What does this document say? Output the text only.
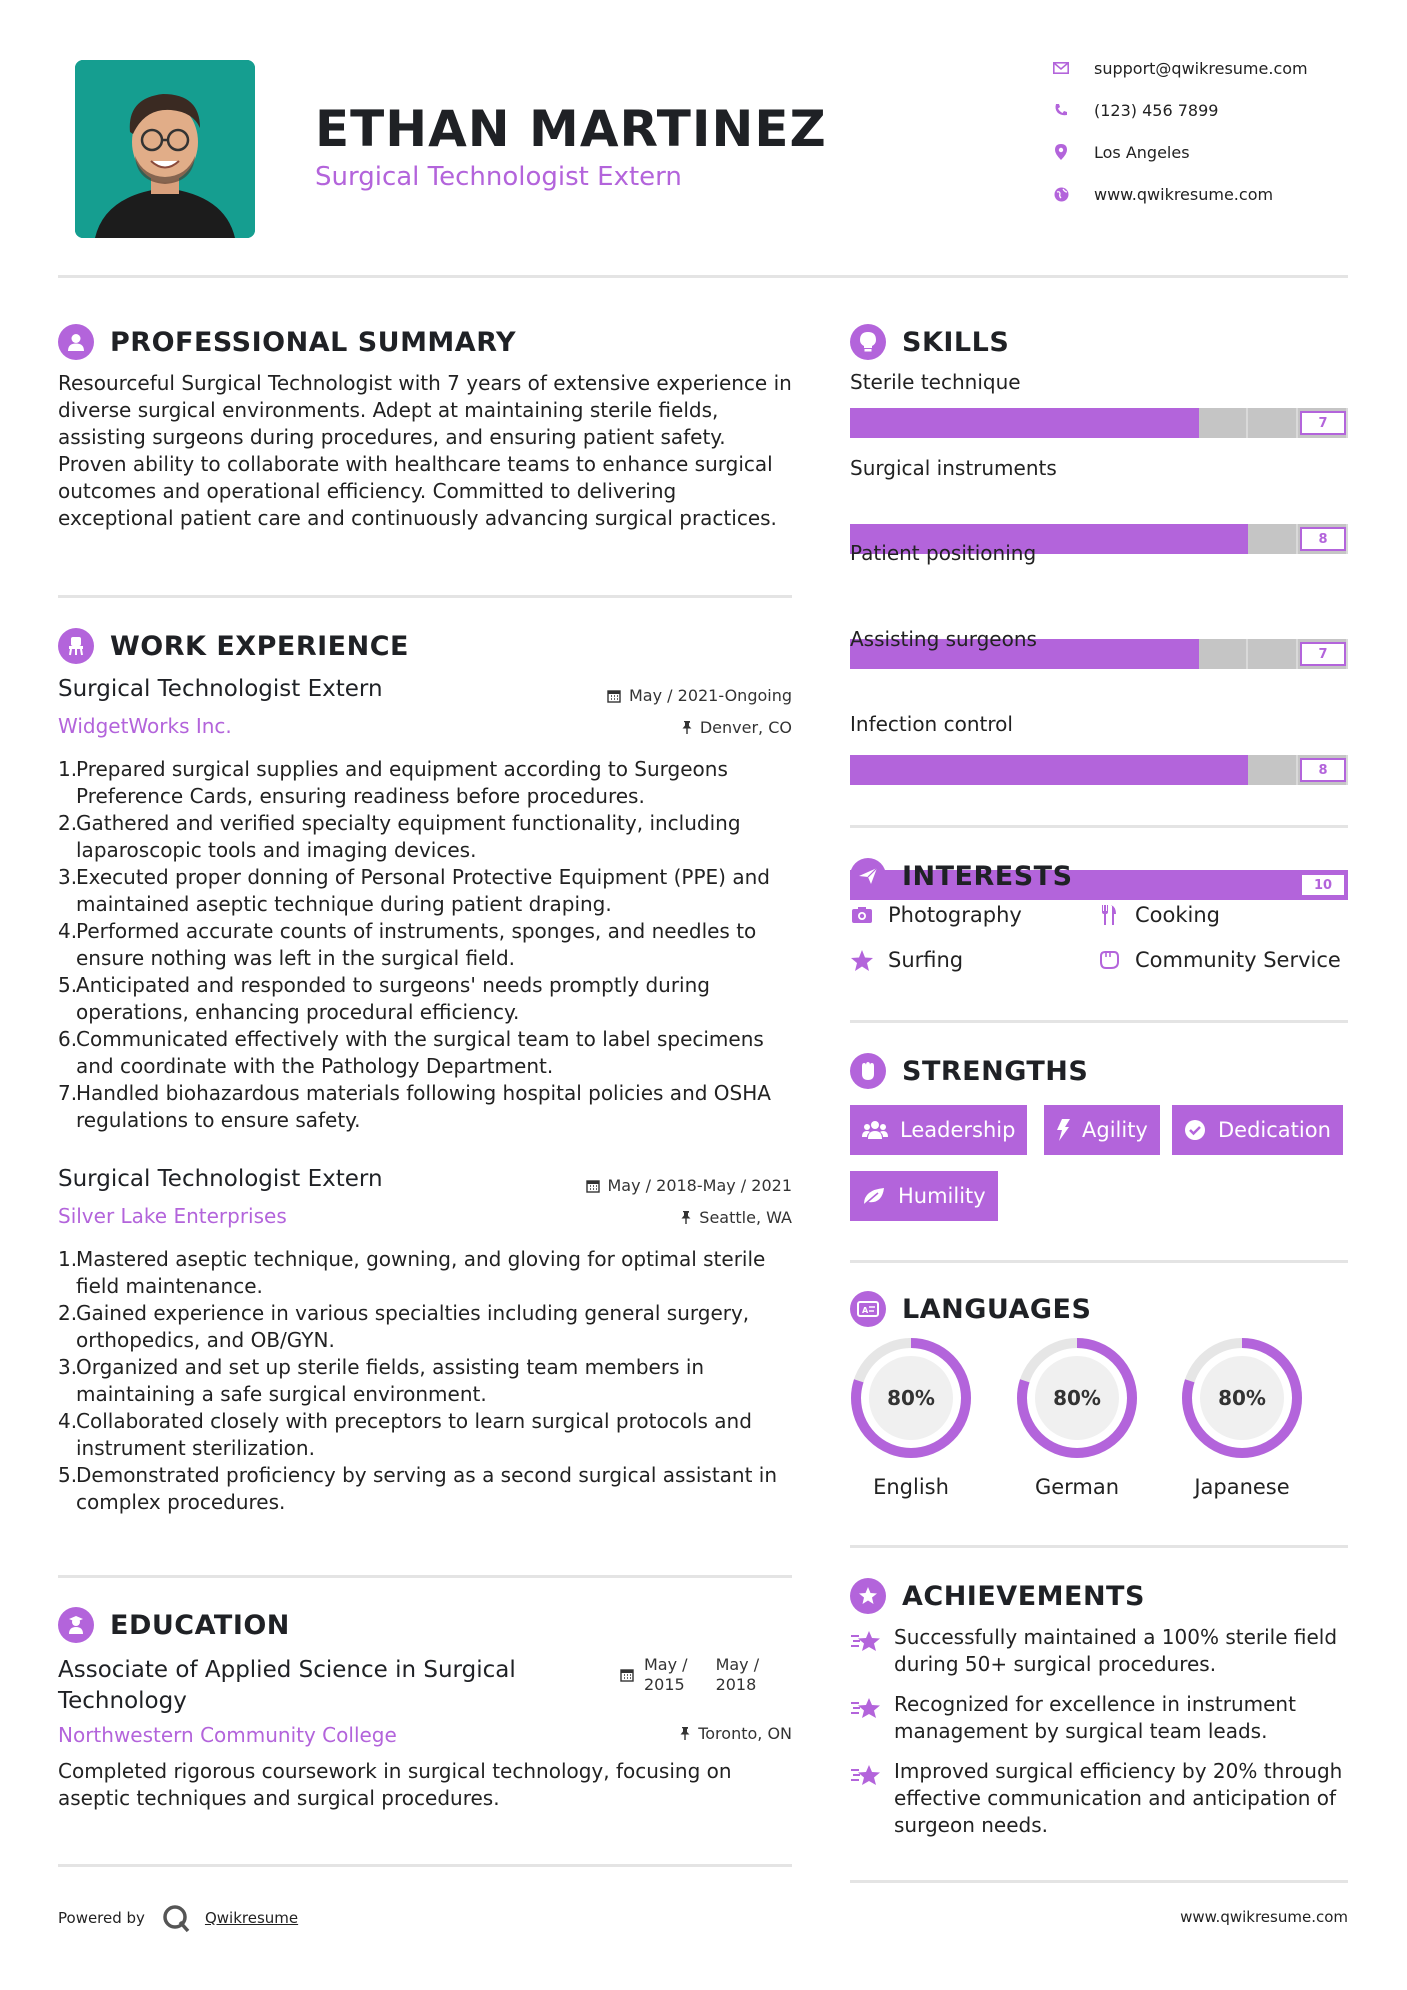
ETHAN MARTINEZ
Surgical Technologist Extern
support@qwikresume.com
(123) 456 7899
Los Angeles
www.qwikresume.com
PROFESSIONAL SUMMARY
Resourceful Surgical Technologist with 7 years of extensive experience in diverse surgical environments. Adept at maintaining sterile fields, assisting surgeons during procedures, and ensuring patient safety. Proven ability to collaborate with healthcare teams to enhance surgical outcomes and operational efficiency. Committed to delivering exceptional patient care and continuously advancing surgical practices.
WORK EXPERIENCE
Surgical Technologist Extern	May / 2021-Ongoing
WidgetWorks Inc.	Denver, CO
1.
Prepared surgical supplies and equipment according to Surgeons Preference Cards, ensuring readiness before procedures.
2.
Gathered and verified specialty equipment functionality, including laparoscopic tools and imaging devices.
3.
Executed proper donning of Personal Protective Equipment (PPE) and maintained aseptic technique during patient draping.
4.
Performed accurate counts of instruments, sponges, and needles to ensure nothing was left in the surgical field.
5.
Anticipated and responded to surgeons' needs promptly during operations, enhancing procedural efficiency.
6.
Communicated effectively with the surgical team to label specimens and coordinate with the Pathology Department.
7.
Handled biohazardous materials following hospital policies and OSHA regulations to ensure safety.
Surgical Technologist Extern	May / 2018-May / 2021
Silver Lake Enterprises	Seattle, WA
1.
Mastered aseptic technique, gowning, and gloving for optimal sterile field maintenance.
2.
Gained experience in various specialties including general surgery, orthopedics, and OB/GYN.
3.
Organized and set up sterile fields, assisting team members in maintaining a safe surgical environment.
4.
Collaborated closely with preceptors to learn surgical protocols and instrument sterilization.
5.
Demonstrated proficiency by serving as a second surgical assistant in complex procedures.
EDUCATION
Associate of Applied Science in Surgical
Technology
May /
2015
May /
2018
Northwestern Community College	Toronto, ON
Completed rigorous coursework in surgical technology, focusing on aseptic techniques and surgical procedures.
SKILLS
Sterile technique
7
Surgical instruments
8
Patient positioning
7
Assisting surgeons
8
Infection control
10
INTERESTS
Photography	Cooking
Surfing	Community Service
STRENGTHS
Leadership	Agility	Dedication
Humility
A LANGUAGES
80%
English
80%
German
80%
Japanese
ACHIEVEMENTS
Successfully maintained a 100% sterile field during 50+ surgical procedures.
Recognized for excellence in instrument management by surgical team leads.
Improved surgical efficiency by 20% through effective communication and anticipation of surgeon needs.
Powered by	Qwikresume	www.qwikresume.com
